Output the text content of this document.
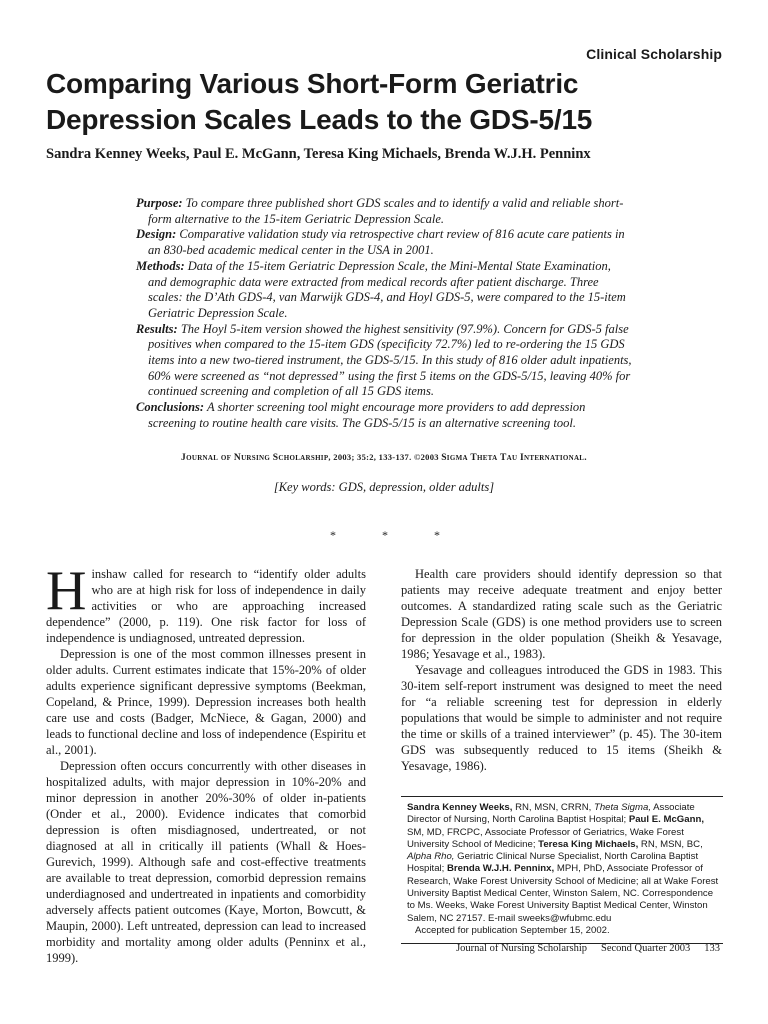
Clinical Scholarship
Comparing Various Short-Form Geriatric
Depression Scales Leads to the GDS-5/15
Sandra Kenney Weeks, Paul E. McGann, Teresa King Michaels, Brenda W.J.H. Penninx

Purpose: To compare three published short GDS scales and to identify a valid and reliable short-form alternative to the 15-item Geriatric Depression Scale.

Design: Comparative validation study via retrospective chart review of 816 acute care patients in an 830-bed academic medical center in the USA in 2001.

Methods: Data of the 15-item Geriatric Depression Scale, the Mini-Mental State Examination, and demographic data were extracted from medical records after patient discharge. Three scales: the D’Ath GDS-4, van Marwijk GDS-4, and Hoyl GDS-5, were compared to the 15-item Geriatric Depression Scale.

Results: The Hoyl 5-item version showed the highest sensitivity (97.9%). Concern for GDS-5 false positives when compared to the 15-item GDS (specificity 72.7%) led to re-ordering the 15 GDS items into a new two-tiered instrument, the GDS-5/15. In this study of 816 older adult inpatients, 60% were screened as “not depressed” using the first 5 items on the GDS-5/15, leaving 40% for continued screening and completion of all 15 GDS items.

Conclusions: A shorter screening tool might encourage more providers to add depression screening to routine health care visits. The GDS-5/15 is an alternative screening tool.

Journal of Nursing Scholarship, 2003; 35:2, 133-137. ©2003 Sigma Theta Tau International.
[Key words: GDS, depression, older adults]
*	*	*

Hinshaw called for research to “identify older adults who are at high risk for loss of independence in daily activities or who are approaching increased dependence” (2000, p. 119). One risk factor for loss of independence is undiagnosed, untreated depression.

Depression is one of the most common illnesses present in older adults. Current estimates indicate that 15%-20% of older adults experience significant depressive symptoms (Beekman, Copeland, & Prince, 1999). Depression increases both health care use and costs (Badger, McNiece, & Gagan, 2000) and leads to functional decline and loss of independence (Espiritu et al., 2001).

Depression often occurs concurrently with other diseases in hospitalized adults, with major depression in 10%-20% and minor depression in another 20%-30% of older in-patients (Onder et al., 2000). Evidence indicates that comorbid depression is often misdiagnosed, undertreated, or not diagnosed at all in critically ill patients (Whall & Hoes-Gurevich, 1999). Although safe and cost-effective treatments are available to treat depression, comorbid depression remains underdiagnosed and undertreated in inpatients and comorbidity adversely affects patient outcomes (Kaye, Morton, Bowcutt, & Maupin, 2000). Left untreated, depression can lead to increased morbidity and mortality among older adults (Penninx et al., 1999).

Health care providers should identify depression so that patients may receive adequate treatment and enjoy better outcomes. A standardized rating scale such as the Geriatric Depression Scale (GDS) is one method providers use to screen for depression in the older population (Sheikh & Yesavage, 1986; Yesavage et al., 1983).

Yesavage and colleagues introduced the GDS in 1983. This 30-item self-report instrument was designed to meet the need for “a reliable screening test for depression in elderly populations that would be simple to administer and not require the time or skills of a trained interviewer” (p. 45). The 30-item GDS was subsequently reduced to 15 items (Sheikh & Yesavage, 1986).

Sandra Kenney Weeks, RN, MSN, CRRN, Theta Sigma, Associate Director of Nursing, North Carolina Baptist Hospital; Paul E. McGann, SM, MD, FRCPC, Associate Professor of Geriatrics, Wake Forest University School of Medicine; Teresa King Michaels, RN, MSN, BC, Alpha Rho, Geriatric Clinical Nurse Specialist, North Carolina Baptist Hospital; Brenda W.J.H. Penninx, MPH, PhD, Associate Professor of Research, Wake Forest University School of Medicine; all at Wake Forest University Baptist Medical Center, Winston Salem, NC. Correspondence to Ms. Weeks, Wake Forest University Baptist Medical Center, Winston Salem, NC 27157. E-mail sweeks@wfubmc.edu
Accepted for publication September 15, 2002.
Journal of Nursing Scholarship Second Quarter 2003 133
